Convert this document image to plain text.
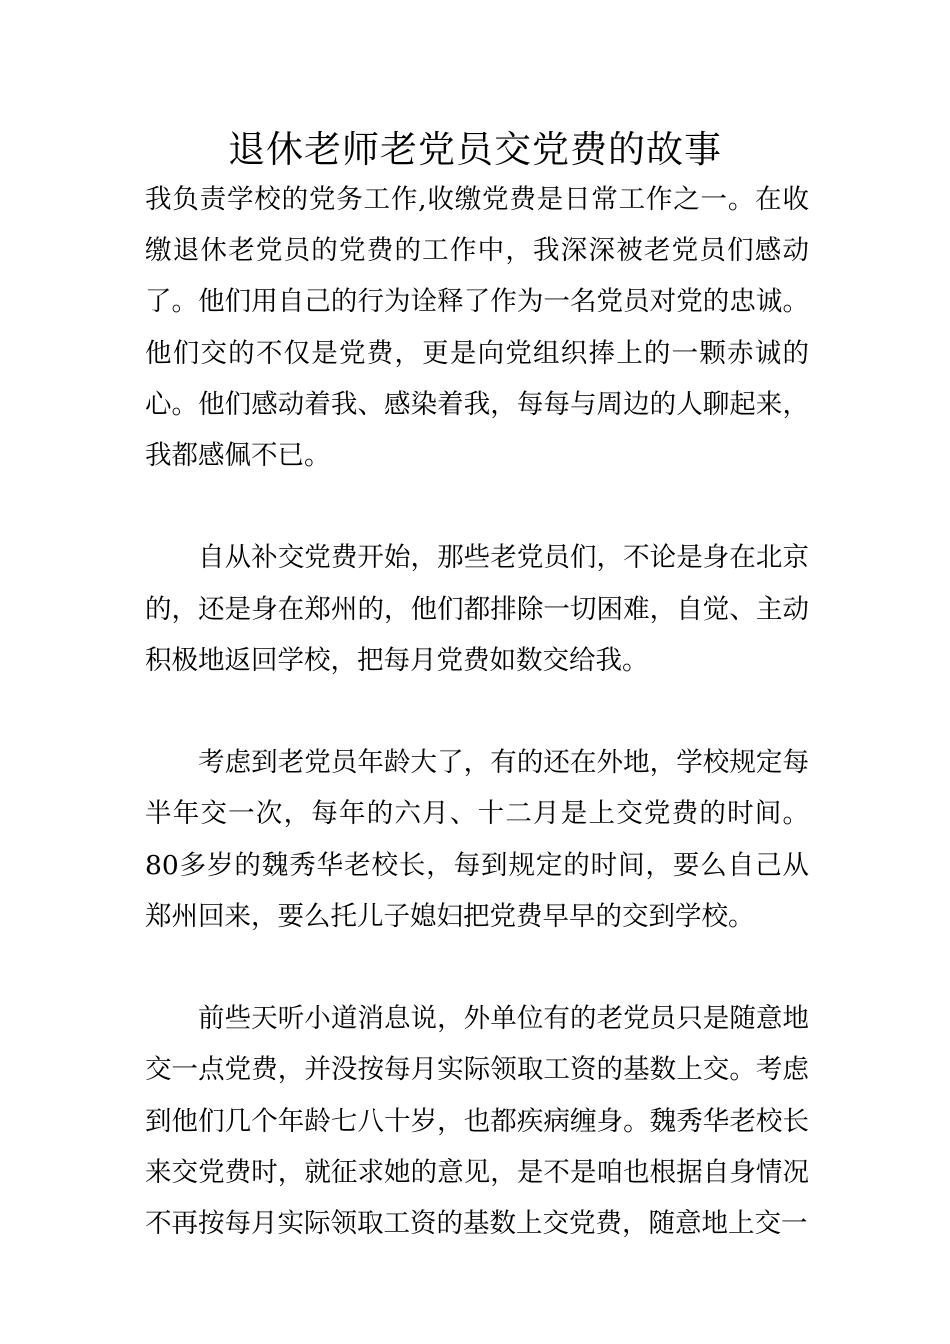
退休老师老党员交党费的故事

我负责学校的党务工作,收缴党费是日常工作之一。在收缴退休老党员的党费的工作中，我深深被老党员们感动了。他们用自己的行为诠释了作为一名党员对党的忠诚。他们交的不仅是党费，更是向党组织捧上的一颗赤诚的心。他们感动着我、感染着我，每每与周边的人聊起来，我都感佩不已。

自从补交党费开始，那些老党员们，不论是身在北京的，还是身在郑州的，他们都排除一切困难，自觉、主动积极地返回学校，把每月党费如数交给我。

考虑到老党员年龄大了，有的还在外地，学校规定每半年交一次，每年的六月、十二月是上交党费的时间。80多岁的魏秀华老校长，每到规定的时间，要么自己从郑州回来，要么托儿子媳妇把党费早早的交到学校。

前些天听小道消息说，外单位有的老党员只是随意地交一点党费，并没按每月实际领取工资的基数上交。考虑到他们几个年龄七八十岁，也都疾病缠身。魏秀华老校长来交党费时，就征求她的意见，是不是咱也根据自身情况不再按每月实际领取工资的基数上交党费，随意地上交一
